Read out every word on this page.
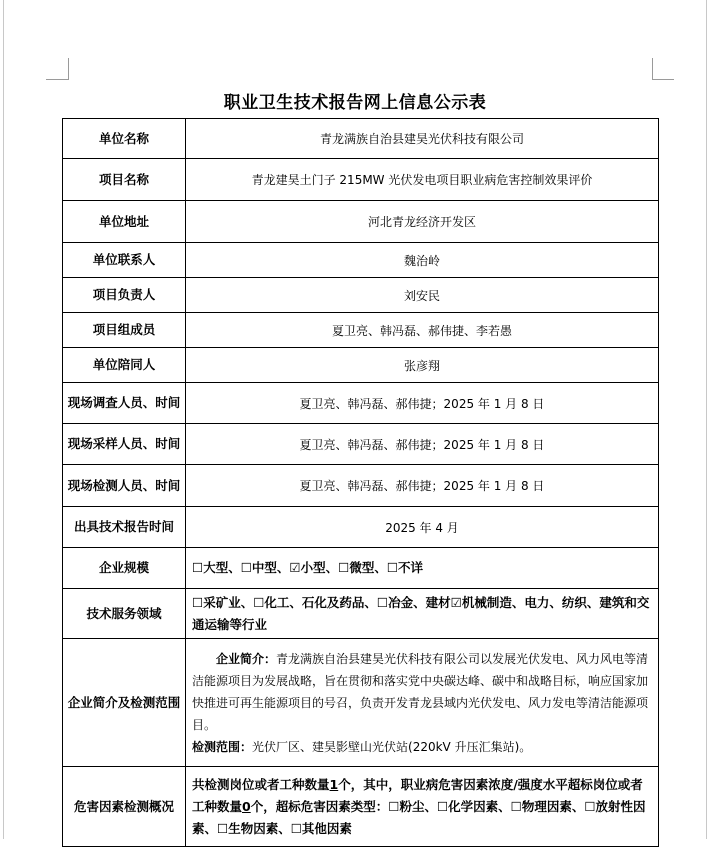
职业卫生技术报告网上信息公示表
单位名称	青龙满族自治县建昊光伏科技有限公司
项目名称	青龙建昊土门子 215MW 光伏发电项目职业病危害控制效果评价
单位地址	河北青龙经济开发区
单位联系人	魏治岭
项目负责人	刘安民
项目组成员	夏卫亮、韩冯磊、郝伟捷、李若愚
单位陪同人	张彦翔
现场调查人员、时间	夏卫亮、韩冯磊、郝伟捷；2025 年 1 月 8 日
现场采样人员、时间	夏卫亮、韩冯磊、郝伟捷；2025 年 1 月 8 日
现场检测人员、时间	夏卫亮、韩冯磊、郝伟捷；2025 年 1 月 8 日
出具技术报告时间	2025 年 4 月
企业规模	☐大型、☐中型、☑小型、☐微型、☐不详
技术服务领域	☐采矿业、☐化工、石化及药品、☐冶金、建材☑机械制造、电力、纺织、建筑和交通运输等行业
企业简介及检测范围	企业简介：青龙满族自治县建昊光伏科技有限公司以发展光伏发电、风力风电等清洁能源项目为发展战略，旨在贯彻和落实党中央碳达峰、碳中和战略目标，响应国家加快推进可再生能源项目的号召，负责开发青龙县域内光伏发电、风力发电等清洁能源项目。
检测范围：光伏厂区、建昊影壁山光伏站(220kV 升压汇集站)。

危害因素检测概况	共检测岗位或者工种数量1个，其中，职业病危害因素浓度/强度水平超标岗位或者工种数量0个，超标危害因素类型：☐粉尘、☐化学因素、☐物理因素、☐放射性因素、☐生物因素、☐其他因素
